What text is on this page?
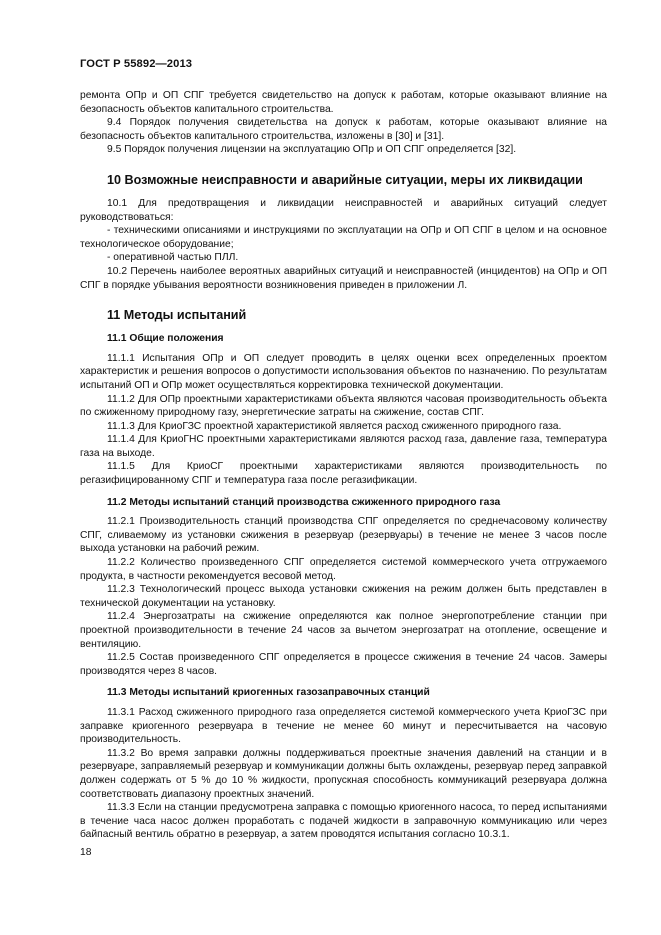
ГОСТ Р 55892—2013

ремонта ОПр и ОП СПГ требуется свидетельство на допуск к работам, которые оказывают влияние на безопасность объектов капитального строительства.

9.4 Порядок получения свидетельства на допуск к работам, которые оказывают влияние на безопасность объектов капитального строительства, изложены в [30] и [31].

9.5 Порядок получения лицензии на эксплуатацию ОПр и ОП СПГ определяется [32].

10 Возможные неисправности и аварийные ситуации, меры их ликвидации

10.1 Для предотвращения и ликвидации неисправностей и аварийных ситуаций следует руководствоваться:

- техническими описаниями и инструкциями по эксплуатации на ОПр и ОП СПГ в целом и на основное технологическое оборудование;

- оперативной частью ПЛЛ.

10.2 Перечень наиболее вероятных аварийных ситуаций и неисправностей (инцидентов) на ОПр и ОП СПГ в порядке убывания вероятности возникновения приведен в приложении Л.

11 Методы испытаний
11.1 Общие положения

11.1.1 Испытания ОПр и ОП следует проводить в целях оценки всех определенных проектом характеристик и решения вопросов о допустимости использования объектов по назначению. По результатам испытаний ОП и ОПр может осуществляться корректировка технической документации.

11.1.2 Для ОПр проектными характеристиками объекта являются часовая производительность объекта по сжиженному природному газу, энергетические затраты на сжижение, состав СПГ.

11.1.3 Для КриоГЗС проектной характеристикой является расход сжиженного природного газа.

11.1.4 Для КриоГНС проектными характеристиками являются расход газа, давление газа, температура газа на выходе.

11.1.5 Для КриоСГ проектными характеристиками являются производительность по регазифицированному СПГ и температура газа после регазификации.

11.2 Методы испытаний станций производства сжиженного природного газа

11.2.1 Производительность станций производства СПГ определяется по среднечасовому количеству СПГ, сливаемому из установки сжижения в резервуар (резервуары) в течение не менее 3 часов после выхода установки на рабочий режим.

11.2.2 Количество произведенного СПГ определяется системой коммерческого учета отгружаемого продукта, в частности рекомендуется весовой метод.

11.2.3 Технологический процесс выхода установки сжижения на режим должен быть представлен в технической документации на установку.

11.2.4 Энергозатраты на сжижение определяются как полное энергопотребление станции при проектной производительности в течение 24 часов за вычетом энергозатрат на отопление, освещение и вентиляцию.

11.2.5 Состав произведенного СПГ определяется в процессе сжижения в течение 24 часов. Замеры производятся через 8 часов.

11.3 Методы испытаний криогенных газозаправочных станций

11.3.1 Расход сжиженного природного газа определяется системой коммерческого учета КриоГЗС при заправке криогенного резервуара в течение не менее 60 минут и пересчитывается на часовую производительность.

11.3.2 Во время заправки должны поддерживаться проектные значения давлений на станции и в резервуаре, заправляемый резервуар и коммуникации должны быть охлаждены, резервуар перед заправкой должен содержать от 5 % до 10 % жидкости, пропускная способность коммуникаций резервуара должна соответствовать диапазону проектных значений.

11.3.3 Если на станции предусмотрена заправка с помощью криогенного насоса, то перед испытаниями в течение часа насос должен проработать с подачей жидкости в заправочную коммуникацию или через байпасный вентиль обратно в резервуар, а затем проводятся испытания согласно 10.3.1.

18
